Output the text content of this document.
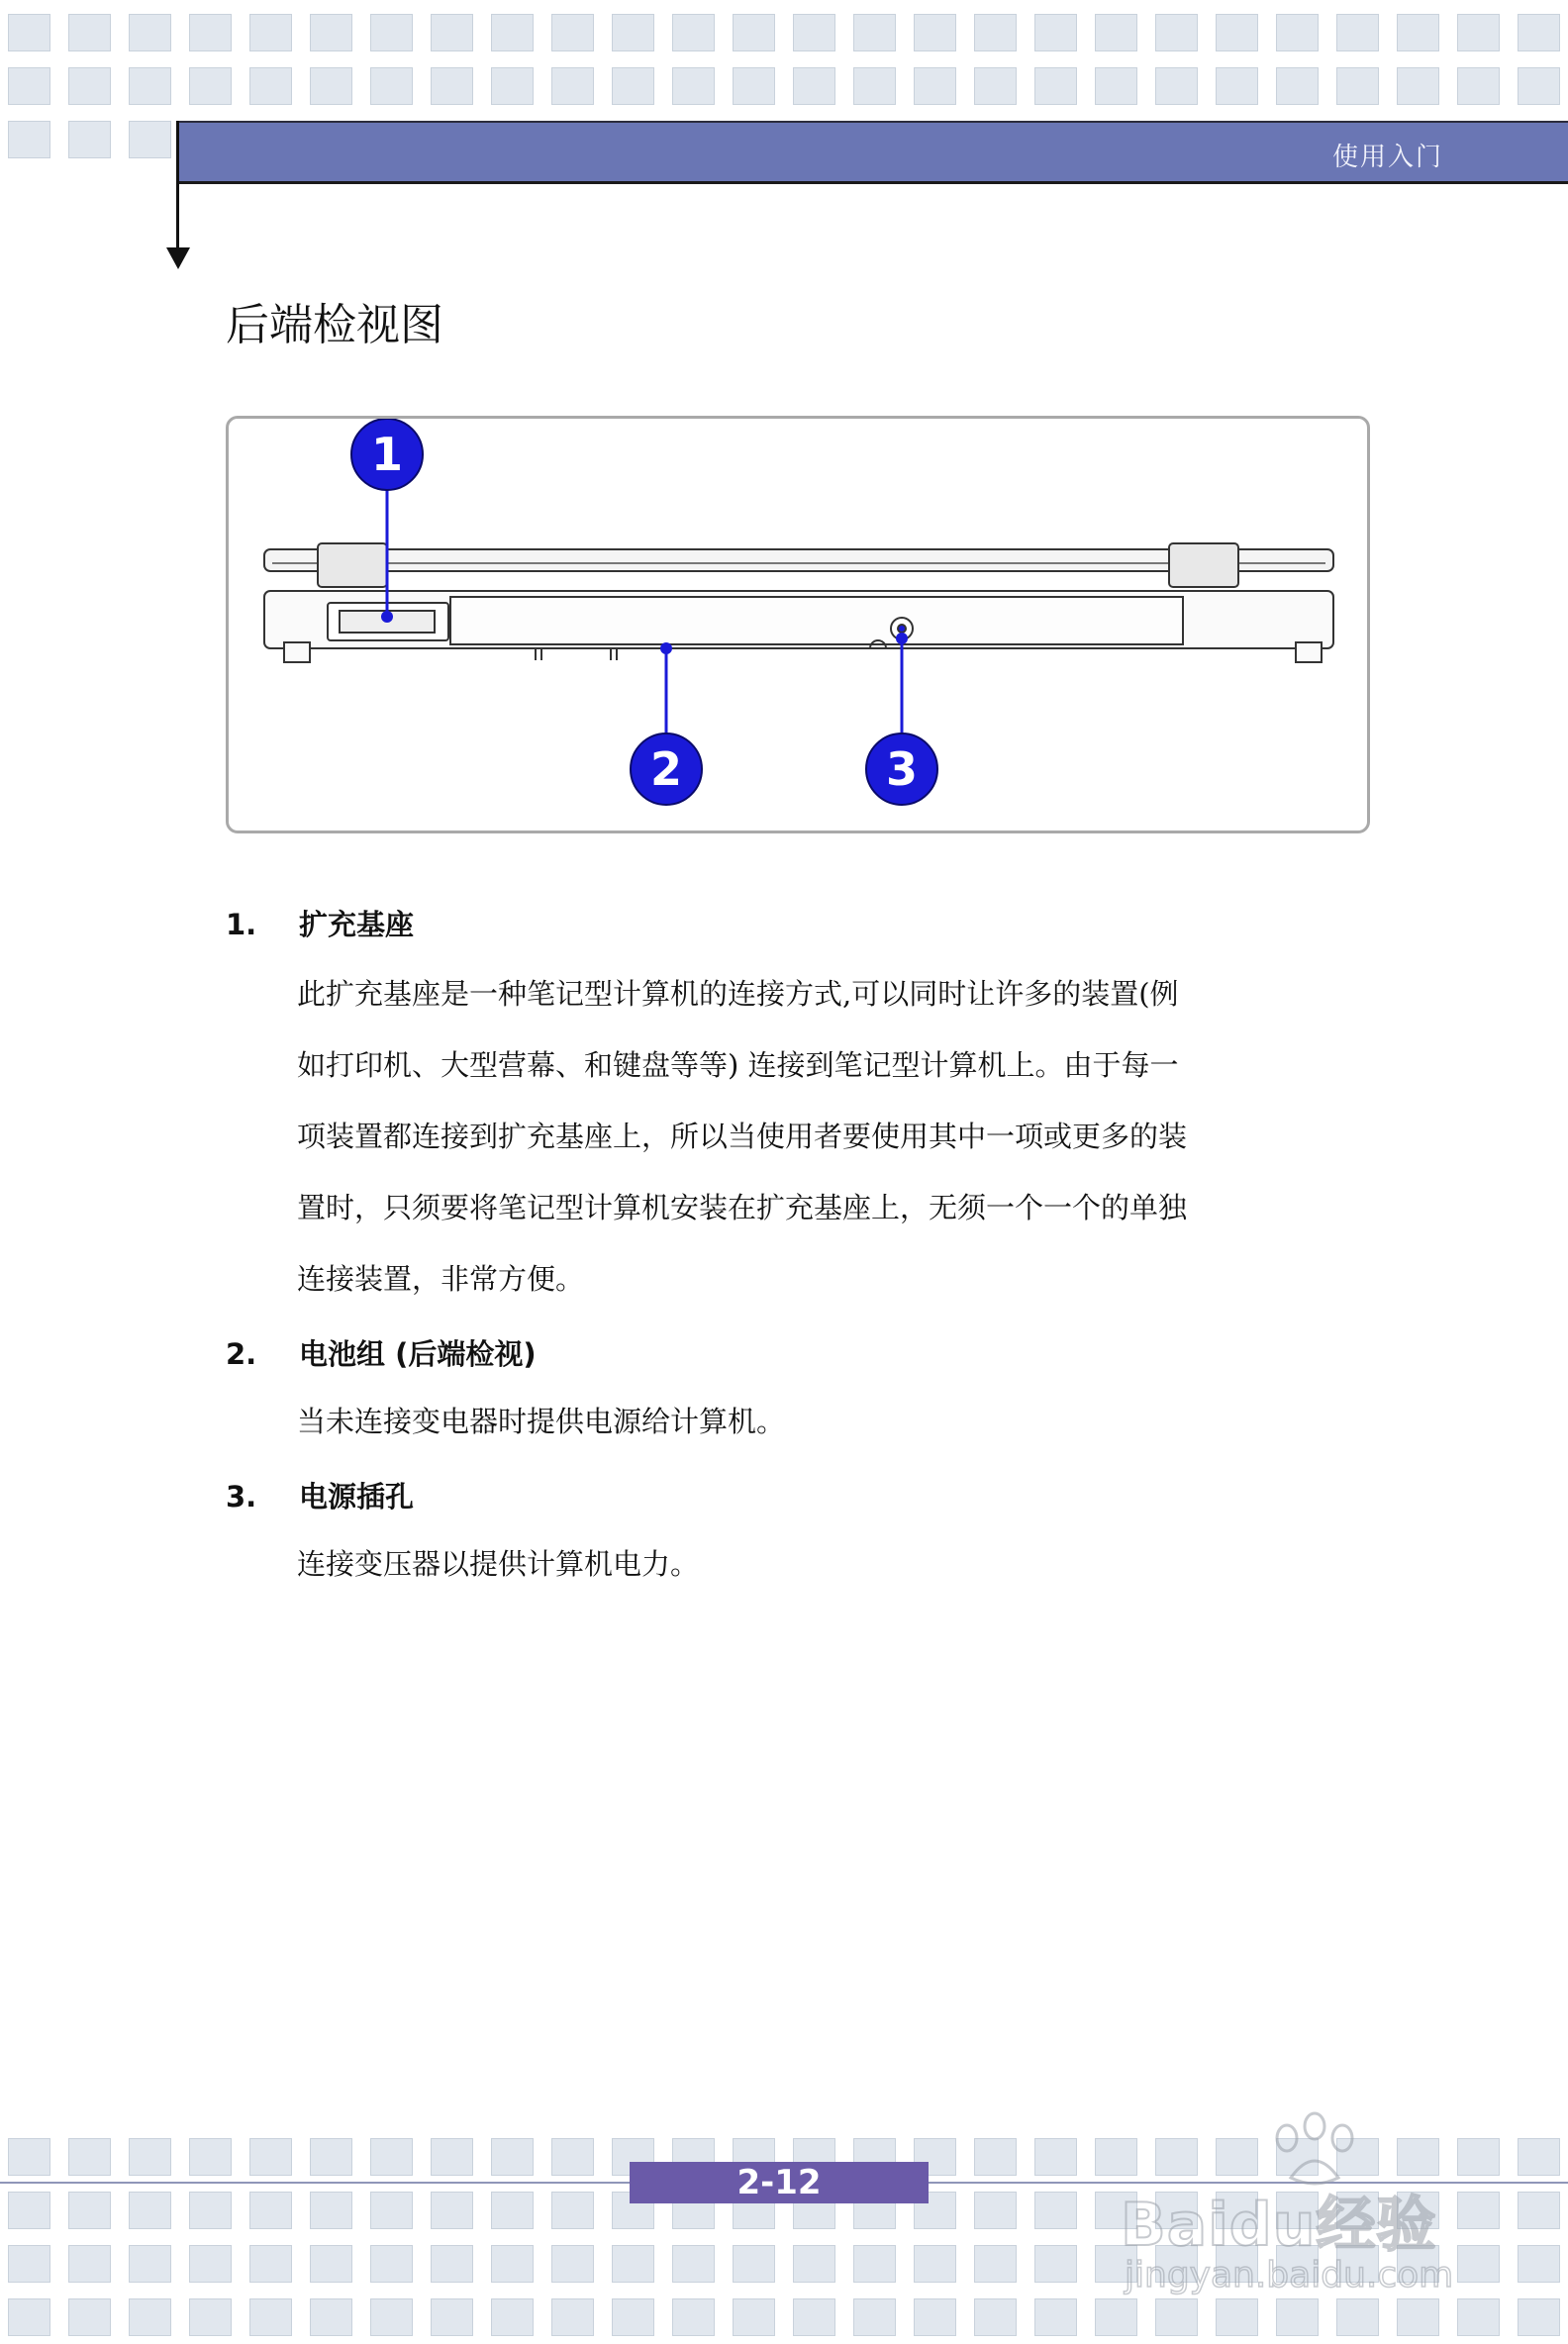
使用入门
后端检视图
1
2	3
1.	扩充基座
此扩充基座是一种笔记型计算机的连接方式,可以同时让许多的装置(例
如打印机、大型营幕、和键盘等等) 连接到笔记型计算机上。由于每一
项装置都连接到扩充基座上，所以当使用者要使用其中一项或更多的装
置时，只须要将笔记型计算机安装在扩充基座上，无须一个一个的单独
连接装置，非常方便。
2.	电池组 (后端检视)
当未连接变电器时提供电源给计算机。
3.	电源插孔
连接变压器以提供计算机电力。
2-12
Baidu经验
jingyan.baidu.com
